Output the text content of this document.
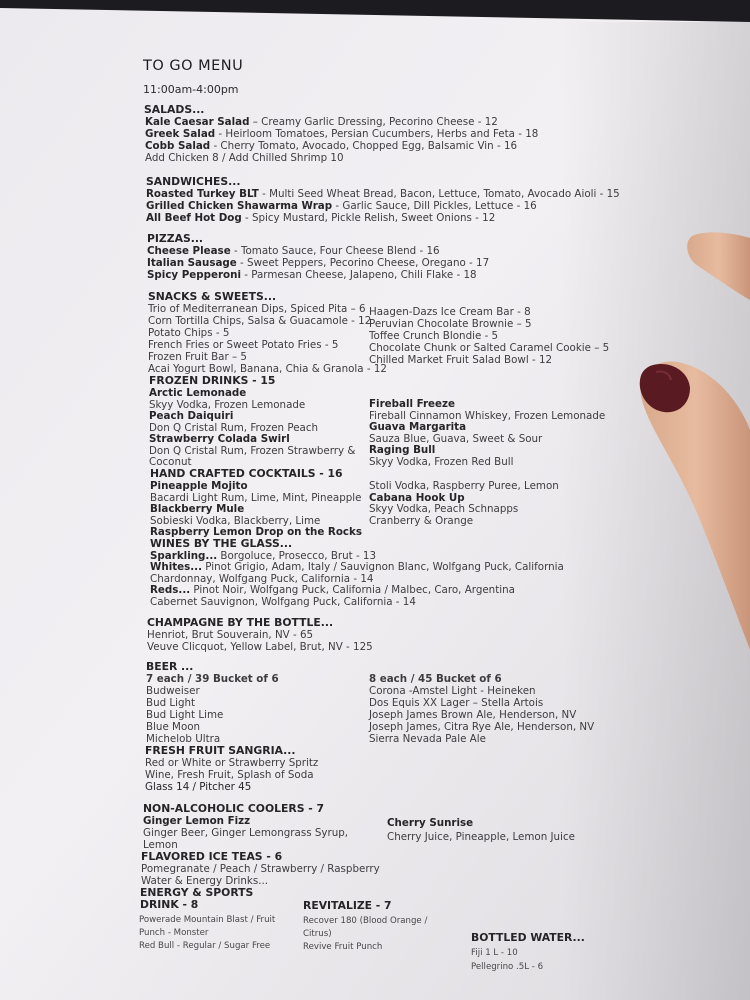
TO GO MENU
11:00am-4:00pm
SALADS...
Kale Caesar Salad – Creamy Garlic Dressing, Pecorino Cheese - 12
Greek Salad - Heirloom Tomatoes, Persian Cucumbers, Herbs and Feta - 18
Cobb Salad - Cherry Tomato, Avocado, Chopped Egg, Balsamic Vin - 16
Add Chicken 8 / Add Chilled Shrimp 10
SANDWICHES...
Roasted Turkey BLT - Multi Seed Wheat Bread, Bacon, Lettuce, Tomato, Avocado Aioli - 15
Grilled Chicken Shawarma Wrap - Garlic Sauce, Dill Pickles, Lettuce - 16
All Beef Hot Dog - Spicy Mustard, Pickle Relish, Sweet Onions - 12
PIZZAS...
Cheese Please - Tomato Sauce, Four Cheese Blend - 16
Italian Sausage - Sweet Peppers, Pecorino Cheese, Oregano - 17
Spicy Pepperoni - Parmesan Cheese, Jalapeno, Chili Flake - 18
SNACKS & SWEETS...
Trio of Mediterranean Dips, Spiced Pita – 6
Corn Tortilla Chips, Salsa & Guacamole - 12
Potato Chips - 5
French Fries or Sweet Potato Fries - 5
Frozen Fruit Bar – 5
Acai Yogurt Bowl, Banana, Chia & Granola - 12
Haagen-Dazs Ice Cream Bar - 8
Peruvian Chocolate Brownie – 5
Toffee Crunch Blondie - 5
Chocolate Chunk or Salted Caramel Cookie – 5
Chilled Market Fruit Salad Bowl - 12
FROZEN DRINKS - 15
Arctic Lemonade
Skyy Vodka, Frozen Lemonade
Peach Daiquiri
Don Q Cristal Rum, Frozen Peach
Strawberry Colada Swirl
Don Q Cristal Rum, Frozen Strawberry &
Coconut
Fireball Freeze
Fireball Cinnamon Whiskey, Frozen Lemonade
Guava Margarita
Sauza Blue, Guava, Sweet & Sour
Raging Bull
Skyy Vodka, Frozen Red Bull
HAND CRAFTED COCKTAILS - 16
Pineapple Mojito
Bacardi Light Rum, Lime, Mint, Pineapple
Blackberry Mule
Sobieski Vodka, Blackberry, Lime
Raspberry Lemon Drop on the Rocks
Stoli Vodka, Raspberry Puree, Lemon
Cabana Hook Up
Skyy Vodka, Peach Schnapps
Cranberry & Orange
WINES BY THE GLASS...
Sparkling... Borgoluce, Prosecco, Brut - 13
Whites... Pinot Grigio, Adam, Italy / Sauvignon Blanc, Wolfgang Puck, California
Chardonnay, Wolfgang Puck, California - 14
Reds... Pinot Noir, Wolfgang Puck, California / Malbec, Caro, Argentina
Cabernet Sauvignon, Wolfgang Puck, California - 14
CHAMPAGNE BY THE BOTTLE...
Henriot, Brut Souverain, NV - 65
Veuve Clicquot, Yellow Label, Brut, NV - 125
BEER ...
7 each / 39 Bucket of 6
Budweiser
Bud Light
Bud Light Lime
Blue Moon
Michelob Ultra
8 each / 45 Bucket of 6
Corona -Amstel Light - Heineken
Dos Equis XX Lager – Stella Artois
Joseph James Brown Ale, Henderson, NV
Joseph James, Citra Rye Ale, Henderson, NV
Sierra Nevada Pale Ale
FRESH FRUIT SANGRIA...
Red or White or Strawberry Spritz
Wine, Fresh Fruit, Splash of Soda
Glass 14 / Pitcher 45
NON-ALCOHOLIC COOLERS - 7
Ginger Lemon Fizz
Ginger Beer, Ginger Lemongrass Syrup,
Lemon
Cherry Sunrise
Cherry Juice, Pineapple, Lemon Juice
FLAVORED ICE TEAS - 6
Pomegranate / Peach / Strawberry / Raspberry
Water & Energy Drinks...
ENERGY & SPORTS
DRINK - 8
Powerade Mountain Blast / Fruit
Punch - Monster
Red Bull - Regular / Sugar Free
REVITALIZE - 7
Recover 180 (Blood Orange /
Citrus)
Revive Fruit Punch
BOTTLED WATER...
Fiji 1 L - 10
Pellegrino .5L - 6
